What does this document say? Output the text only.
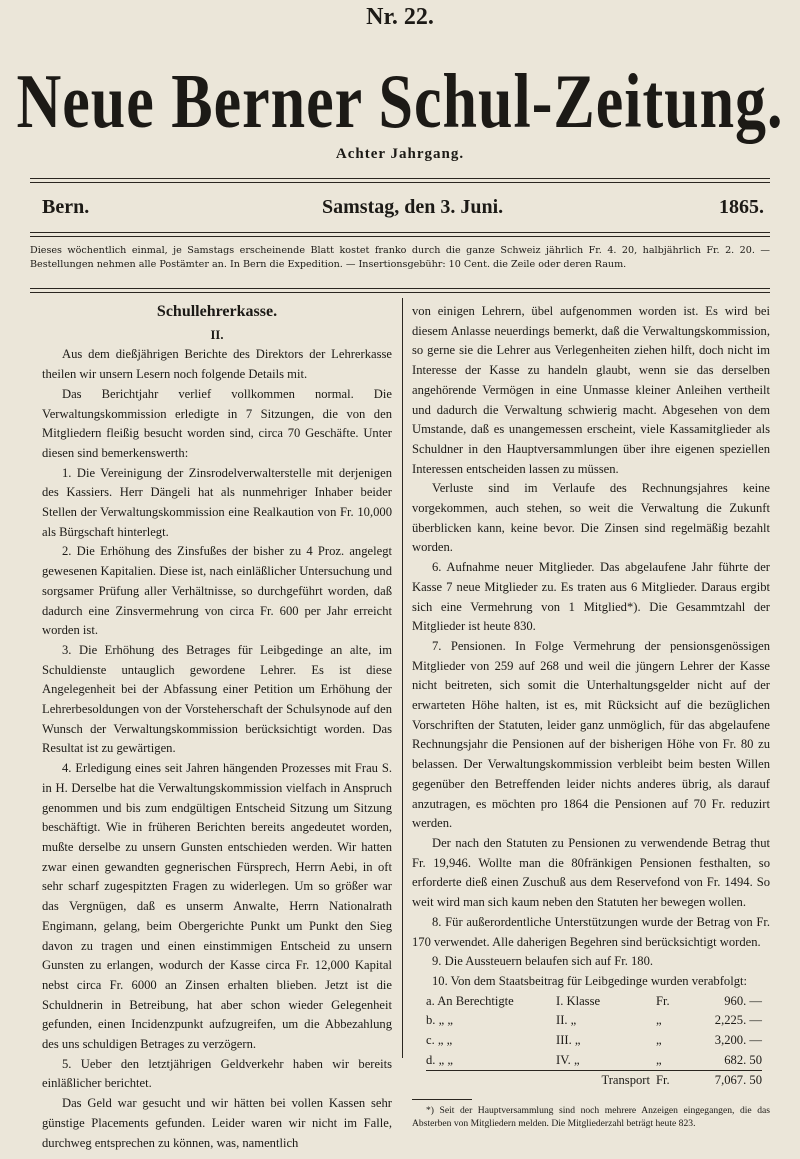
Nr. 22.
Neue Berner Schul-Zeitung.
Achter Jahrgang.
Bern.	Samstag, den 3. Juni.	1865.
Dieses wöchentlich einmal, je Samstags erscheinende Blatt kostet franko durch die ganze Schweiz jährlich Fr. 4. 20, halbjährlich Fr. 2. 20. — Bestellungen nehmen alle Postämter an. In Bern die Expedition. — Insertionsgebühr: 10 Cent. die Zeile oder deren Raum.

Schullehrerkasse.

II.

Aus dem dießjährigen Berichte des Direktors der Lehrerkasse theilen wir unsern Lesern noch folgende Details mit.

Das Berichtjahr verlief vollkommen normal. Die Verwaltungskommission erledigte in 7 Sitzungen, die von den Mitgliedern fleißig besucht worden sind, circa 70 Geschäfte. Unter diesen sind bemerkenswerth:

1. Die Vereinigung der Zinsrodelverwalterstelle mit derjenigen des Kassiers. Herr Dängeli hat als nunmehriger Inhaber beider Stellen der Verwaltungskommission eine Realkaution von Fr. 10,000 als Bürgschaft hinterlegt.

2. Die Erhöhung des Zinsfußes der bisher zu 4 Proz. angelegt gewesenen Kapitalien. Diese ist, nach einläßlicher Untersuchung und sorgsamer Prüfung aller Verhältnisse, so durchgeführt worden, daß dadurch eine Zinsvermehrung von circa Fr. 600 per Jahr erreicht worden ist.

3. Die Erhöhung des Betrages für Leibgedinge an alte, im Schuldienste untauglich gewordene Lehrer. Es ist diese Angelegenheit bei der Abfassung einer Petition um Erhöhung der Lehrerbesoldungen von der Vorsteherschaft der Schulsynode auf den Wunsch der Verwaltungskommission berücksichtigt worden. Das Resultat ist zu gewärtigen.

4. Erledigung eines seit Jahren hängenden Prozesses mit Frau S. in H. Derselbe hat die Verwaltungskommission vielfach in Anspruch genommen und bis zum endgültigen Entscheid Sitzung um Sitzung beschäftigt. Wie in früheren Berichten bereits angedeutet worden, mußte derselbe zu unsern Gunsten entschieden werden. Wir hatten zwar einen gewandten gegnerischen Fürsprech, Herrn Aebi, in oft sehr scharf zugespitzten Fragen zu widerlegen. Um so größer war das Vergnügen, daß es unserm Anwalte, Herrn Nationalrath Engimann, gelang, beim Obergerichte Punkt um Punkt den Sieg davon zu tragen und einen einstimmigen Entscheid zu unsern Gunsten zu erlangen, wodurch der Kasse circa Fr. 12,000 Kapital nebst circa Fr. 6000 an Zinsen erhalten blieben. Jetzt ist die Schuldnerin in Betreibung, hat aber schon wieder Gelegenheit gefunden, einen Incidenzpunkt aufzugreifen, um die Abbezahlung des uns schuldigen Betrages zu verzögern.

5. Ueber den letztjährigen Geldverkehr haben wir bereits einläßlicher berichtet.

Das Geld war gesucht und wir hätten bei vollen Kassen sehr günstige Placements gefunden. Leider waren wir nicht im Falle, durchweg entsprechen zu können, was, namentlich

von einigen Lehrern, übel aufgenommen worden ist. Es wird bei diesem Anlasse neuerdings bemerkt, daß die Verwaltungskommission, so gerne sie die Lehrer aus Verlegenheiten ziehen hilft, doch nicht im Interesse der Kasse zu handeln glaubt, wenn sie das derselben angehörende Vermögen in eine Unmasse kleiner Anleihen vertheilt und dadurch die Verwaltung schwierig macht. Abgesehen von dem Umstande, daß es unangemessen erscheint, viele Kassamitglieder als Schuldner in den Hauptversammlungen über ihre eigenen speziellen Interessen entscheiden lassen zu müssen.

Verluste sind im Verlaufe des Rechnungsjahres keine vorgekommen, auch stehen, so weit die Verwaltung die Zukunft überblicken kann, keine bevor. Die Zinsen sind regelmäßig bezahlt worden.

6. Aufnahme neuer Mitglieder. Das abgelaufene Jahr führte der Kasse 7 neue Mitglieder zu. Es traten aus 6 Mitglieder. Daraus ergibt sich eine Vermehrung von 1 Mitglied*). Die Gesammtzahl der Mitglieder ist heute 830.

7. Pensionen. In Folge Vermehrung der pensionsgenössigen Mitglieder von 259 auf 268 und weil die jüngern Lehrer der Kasse nicht beitreten, sich somit die Unterhaltungsgelder nicht auf der erwarteten Höhe halten, ist es, mit Rücksicht auf die bezüglichen Vorschriften der Statuten, leider ganz unmöglich, für das abgelaufene Rechnungsjahr die Pensionen auf der bisherigen Höhe von Fr. 80 zu belassen. Der Verwaltungskommission verbleibt beim besten Willen gegenüber den Betreffenden leider nichts anderes übrig, als darauf anzutragen, es möchten pro 1864 die Pensionen auf 70 Fr. reduzirt werden.

Der nach den Statuten zu Pensionen zu verwendende Betrag thut Fr. 19,946. Wollte man die 80fränkigen Pensionen festhalten, so erforderte dieß einen Zuschuß aus dem Reservefond von Fr. 1494. So weit wird man sich kaum neben den Statuten her bewegen wollen.

8. Für außerordentliche Unterstützungen wurde der Betrag von Fr. 170 verwendet. Alle daherigen Begehren sind berücksichtigt worden.

9. Die Aussteuern belaufen sich auf Fr. 180.

10. Von dem Staatsbeitrag für Leibgedinge wurden verabfolgt:

a. An Berechtigte	I. Klasse	Fr.	960. —
b. „ „	II. „	„	2,225. —
c. „ „	III. „	„	3,200. —
d. „ „	IV. „	„	682. 50
	Transport	Fr.	7,067. 50
*) Seit der Hauptversammlung sind noch mehrere Anzeigen eingegangen, die das Absterben von Mitgliedern melden. Die Mitgliederzahl beträgt heute 823.
